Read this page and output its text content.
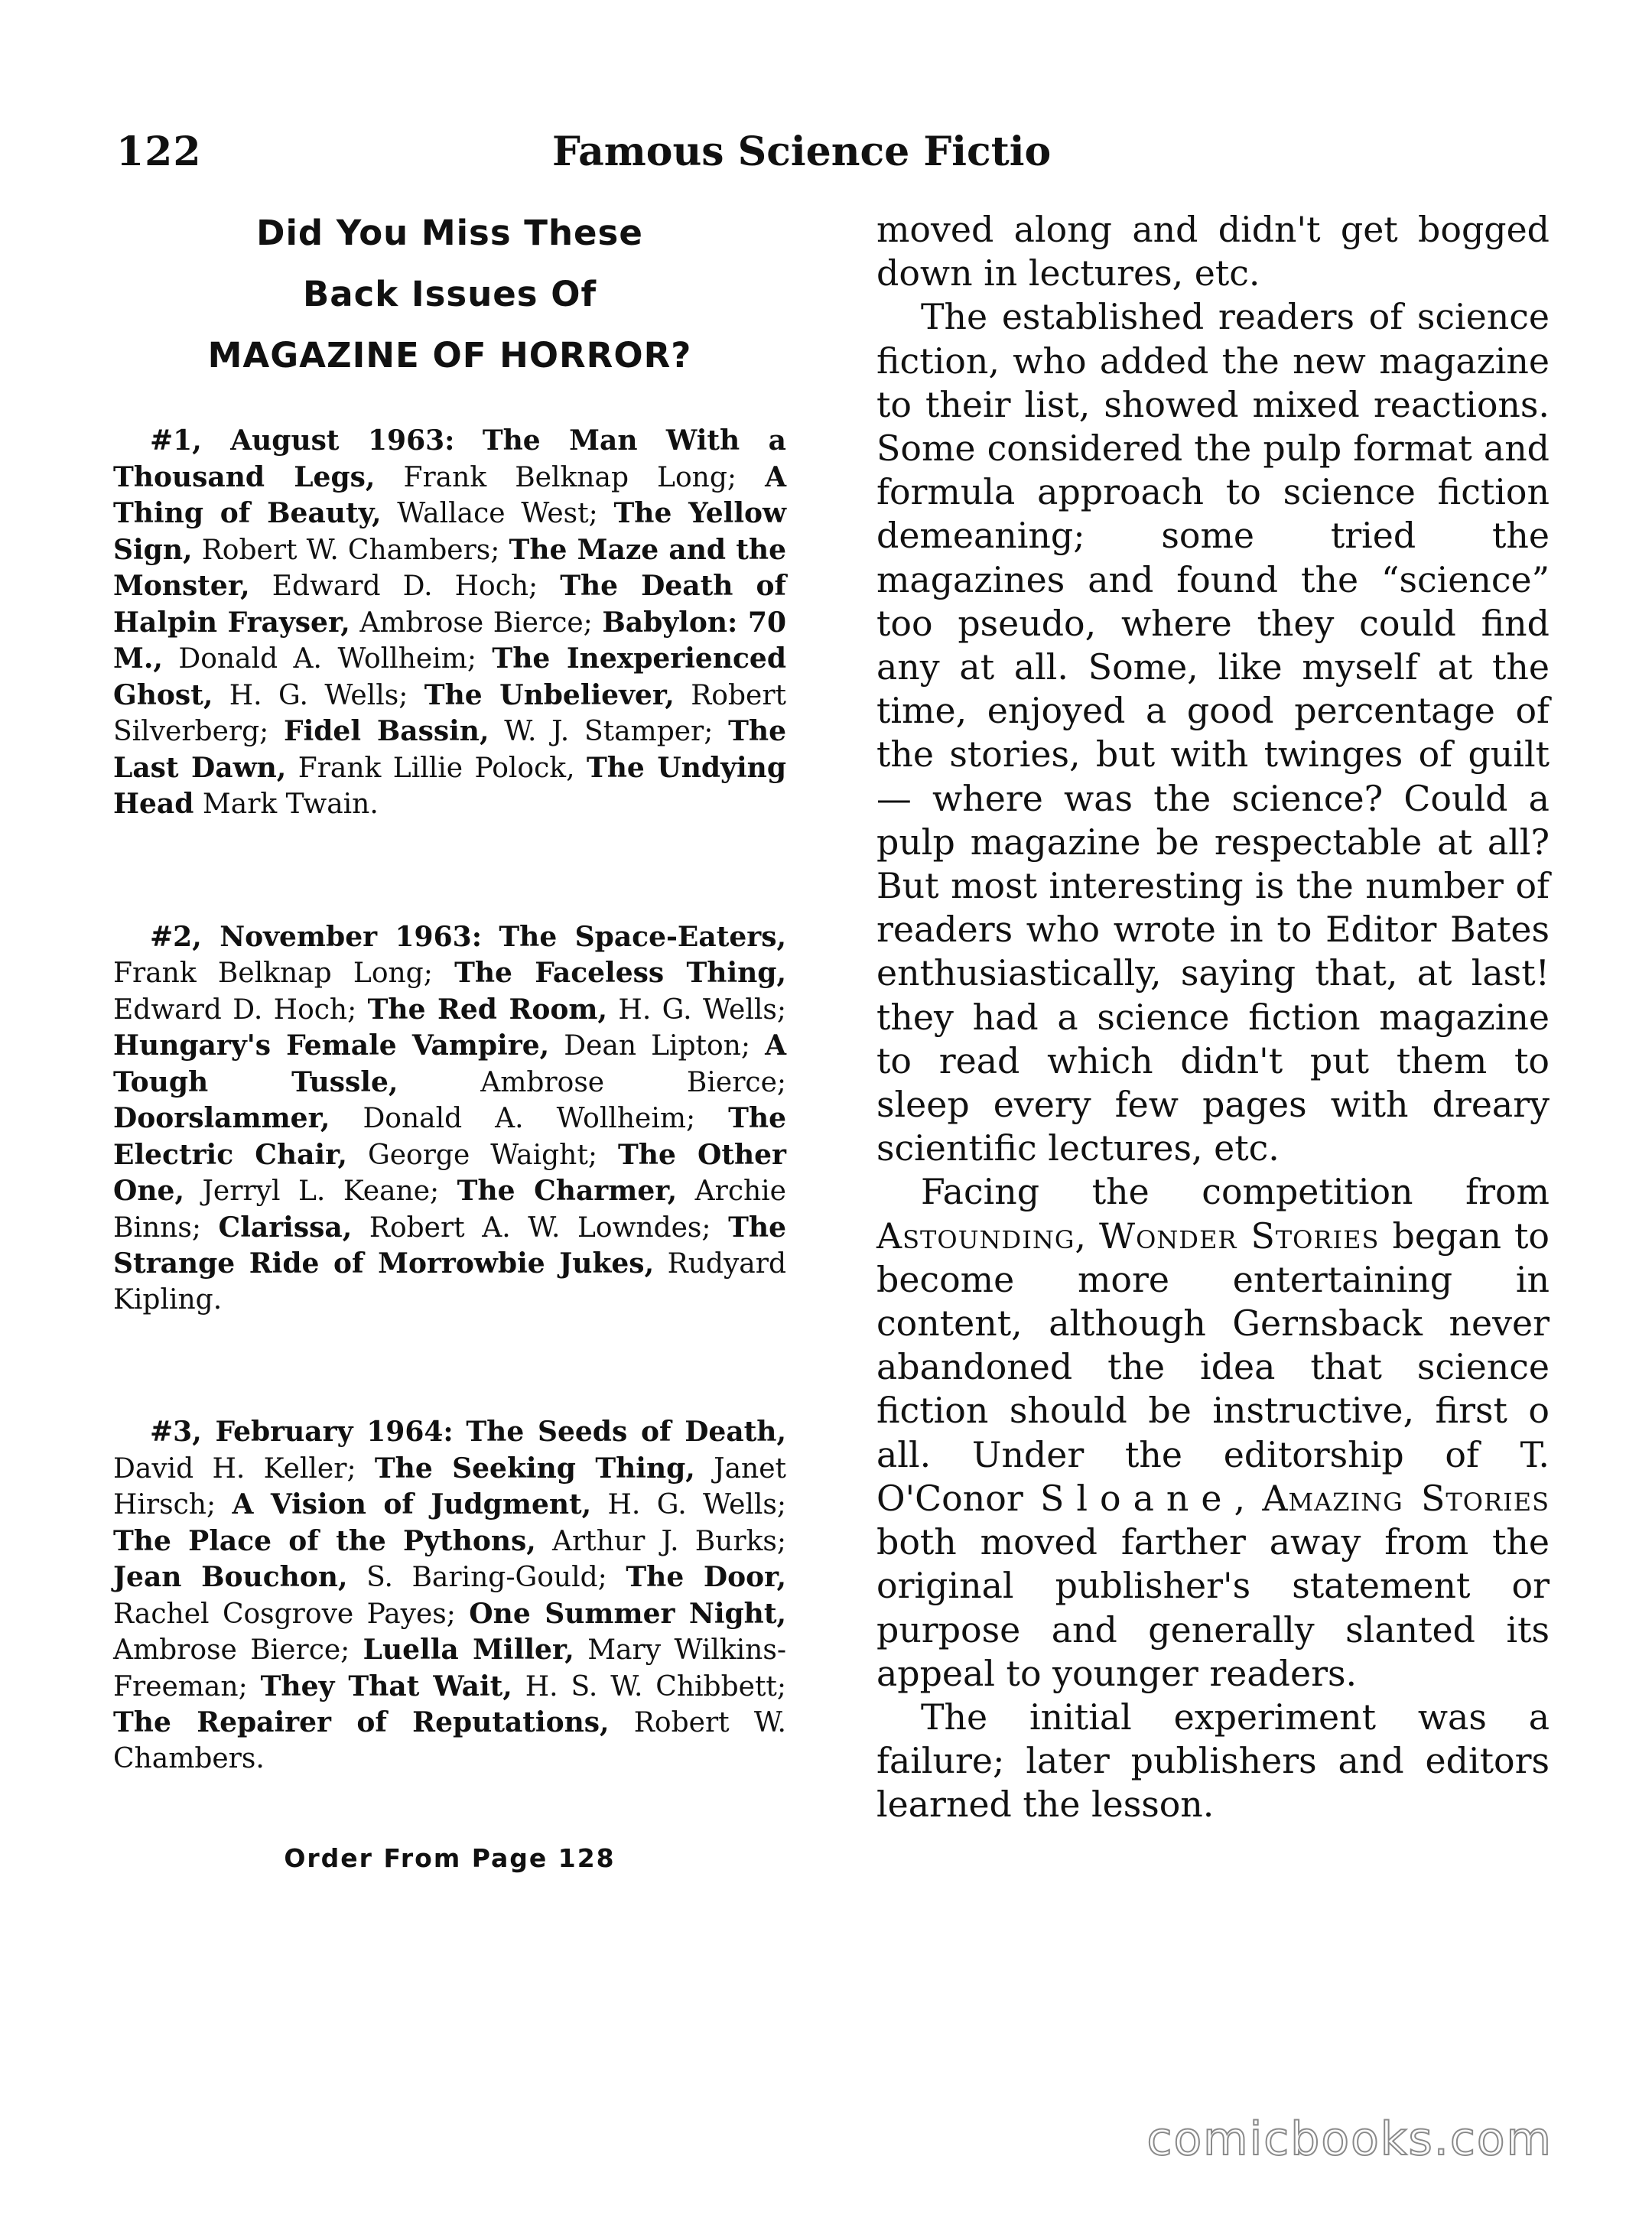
122	Famous Science Fictio
Did You Miss These
Back Issues Of
MAGAZINE OF HORROR?

#1, August 1963: The Man With a Thousand Legs, Frank Belknap Long; A Thing of Beauty, Wallace West; The Yellow Sign, Robert W. Chambers; The Maze and the Monster, Edward D. Hoch; The Death of Halpin Frayser, Ambrose Bierce; Babylon: 70 M., Donald A. Wollheim; The Inexperienced Ghost, H. G. Wells; The Unbeliever, Robert Silverberg; Fidel Bassin, W. J. Stamper; The Last Dawn, Frank Lillie Polock, The Undying Head Mark Twain.

#2, November 1963: The Space-Eaters, Frank Belknap Long; The Faceless Thing, Edward D. Hoch; The Red Room, H. G. Wells; Hungary's Female Vampire, Dean Lipton; A Tough Tussle, Ambrose Bierce; Doorslammer, Donald A. Wollheim; The Electric Chair, George Waight; The Other One, Jerryl L. Keane; The Charmer, Archie Binns; Clarissa, Robert A. W. Lowndes; The Strange Ride of Morrowbie Jukes, Rudyard Kipling.

#3, February 1964: The Seeds of Death, David H. Keller; The Seeking Thing, Janet Hirsch; A Vision of Judgment, H. G. Wells; The Place of the Pythons, Arthur J. Burks; Jean Bouchon, S. Baring-Gould; The Door, Rachel Cosgrove Payes; One Summer Night, Ambrose Bierce; Luella Miller, Mary Wilkins-Freeman; They That Wait, H. S. W. Chibbett; The Repairer of Reputations, Robert W. Chambers.

Order From Page 128

moved along and didn't get bogged down in lectures, etc.

The established readers of science fiction, who added the new magazine to their list, showed mixed reactions. Some considered the pulp format and formula approach to science fiction demeaning; some tried the magazines and found the “science” too pseudo, where they could find any at all. Some, like myself at the time, enjoyed a good percentage of the stories, but with twinges of guilt — where was the science? Could a pulp magazine be respectable at all? But most interesting is the number of readers who wrote in to Editor Bates enthusiastically, saying that, at last! they had a science fiction magazine to read which didn't put them to sleep every few pages with dreary scientific lectures, etc.

Facing the competition from Astounding, Wonder Stories began to become more entertaining in content, although Gernsback never abandoned the idea that science fiction should be instructive, first o all. Under the editorship of T. O'Conor Sloane, Amazing Stories both moved farther away from the original publisher's statement or purpose and generally slanted its appeal to younger readers.

The initial experiment was a failure; later publishers and editors learned the lesson.

comicbooks.com
